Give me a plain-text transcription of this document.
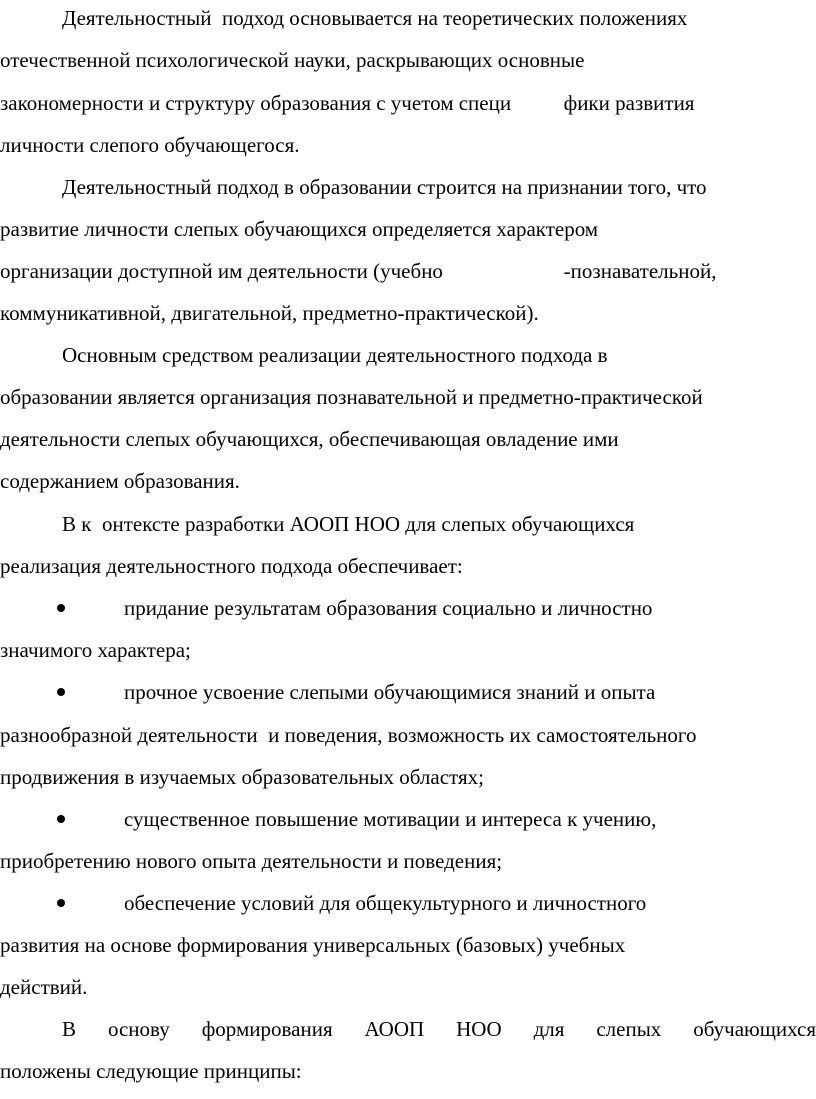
Деятельностный  подход основывается на теоретических положениях
отечественной психологической науки, раскрывающих основные
закономерности и структуру образования с учетом специ          фики развития
личности слепого обучающегося.
Деятельностный подход в образовании строится на признании того, что
развитие личности слепых обучающихся определяется характером
организации доступной им деятельности (учебно                       -познавательной,
коммуникативной, двигательной, предметно-практической).
Основным средством реализации деятельностного подхода в
образовании является организация познавательной и предметно-практической
деятельности слепых обучающихся, обеспечивающая овладение ими
содержанием образования.
В к  онтексте разработки АООП НОО для слепых обучающихся
реализация деятельностного подхода обеспечивает:
придание результатам образования социально и личностно
значимого характера;
прочное усвоение слепыми обучающимися знаний и опыта
разнообразной деятельности  и поведения, возможность их самостоятельного
продвижения в изучаемых образовательных областях;
существенное повышение мотивации и интереса к учению,
приобретению нового опыта деятельности и поведения;
обеспечение условий для общекультурного и личностного
развития на основе формирования универсальных (базовых) учебных
действий.
В основу формирования АООП НОО для слепых обучающихся
положены следующие принципы:
